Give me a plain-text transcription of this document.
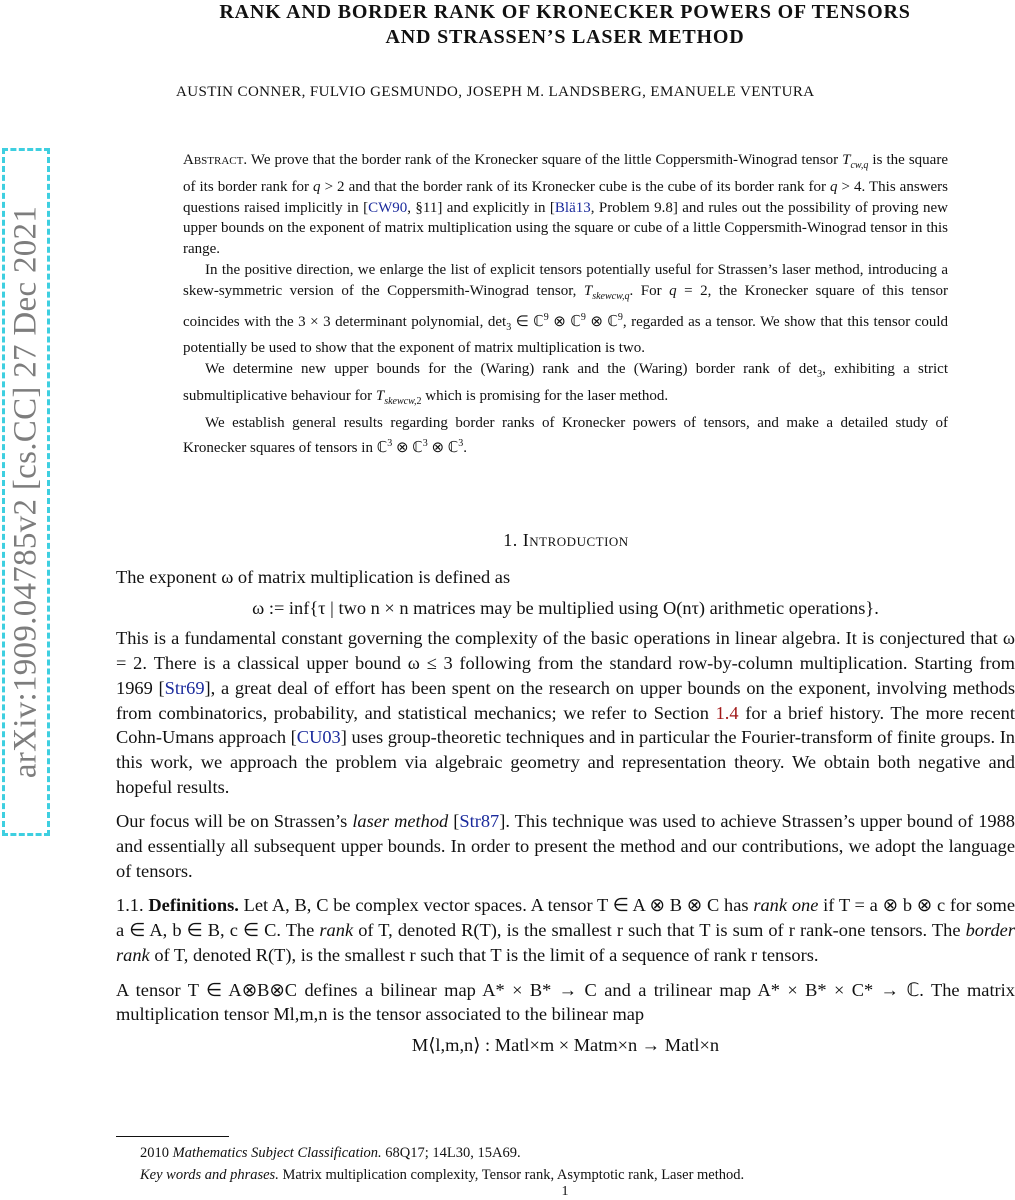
arXiv:1909.04785v2 [cs.CC] 27 Dec 2021
RANK AND BORDER RANK OF KRONECKER POWERS OF TENSORS
AND STRASSEN’S LASER METHOD
AUSTIN CONNER, FULVIO GESMUNDO, JOSEPH M. LANDSBERG, EMANUELE VENTURA

Abstract. We prove that the border rank of the Kronecker square of the little Coppersmith-Winograd tensor $T_{cw,q}$ is the square of its border rank for q > 2 and that the border rank of its Kronecker cube is the cube of its border rank for q > 4. This answers questions raised implicitly in [CW90, §11] and explicitly in [Blä13, Problem 9.8] and rules out the possibility of proving new upper bounds on the exponent of matrix multiplication using the square or cube of a little Coppersmith-Winograd tensor in this range.

In the positive direction, we enlarge the list of explicit tensors potentially useful for Strassen’s laser method, introducing a skew-symmetric version of the Coppersmith-Winograd tensor, $T_{skewcw,q}$. For q = 2, the Kronecker square of this tensor coincides with the 3 × 3 determinant polynomial, $\det_3$ ∈ ℂ$^9$ ⊗ ℂ$^9$ ⊗ ℂ$^9$, regarded as a tensor. We show that this tensor could potentially be used to show that the exponent of matrix multiplication is two.

We determine new upper bounds for the (Waring) rank and the (Waring) border rank of $\det_3$, exhibiting a strict submultiplicative behaviour for $T_{skewcw,2}$ which is promising for the laser method.

We establish general results regarding border ranks of Kronecker powers of tensors, and make a detailed study of Kronecker squares of tensors in ℂ$^3$ ⊗ ℂ$^3$ ⊗ ℂ$^3$.

1. Introduction

The exponent ω of matrix multiplication is defined as

ω := inf{τ | two n × n matrices may be multiplied using O(nτ) arithmetic operations}.

This is a fundamental constant governing the complexity of the basic operations in linear algebra. It is conjectured that ω = 2. There is a classical upper bound ω ≤ 3 following from the standard row-by-column multiplication. Starting from 1969 [Str69], a great deal of effort has been spent on the research on upper bounds on the exponent, involving methods from combinatorics, probability, and statistical mechanics; we refer to Section 1.4 for a brief history. The more recent Cohn-Umans approach [CU03] uses group-theoretic techniques and in particular the Fourier-transform of finite groups. In this work, we approach the problem via algebraic geometry and representation theory. We obtain both negative and hopeful results.

Our focus will be on Strassen’s laser method [Str87]. This technique was used to achieve Strassen’s upper bound of 1988 and essentially all subsequent upper bounds. In order to present the method and our contributions, we adopt the language of tensors.

1.1. Definitions. Let A, B, C be complex vector spaces. A tensor T ∈ A ⊗ B ⊗ C has rank one if T = a ⊗ b ⊗ c for some a ∈ A, b ∈ B, c ∈ C. The rank of T, denoted R(T), is the smallest r such that T is sum of r rank-one tensors. The border rank of T, denoted R(T), is the smallest r such that T is the limit of a sequence of rank r tensors.

A tensor T ∈ A⊗B⊗C defines a bilinear map A* × B* → C and a trilinear map A* × B* × C* → ℂ. The matrix multiplication tensor Ml,m,n is the tensor associated to the bilinear map

M⟨l,m,n⟩ : Matl×m × Matm×n → Matl×n
2010 Mathematics Subject Classification. 68Q17; 14L30, 15A69.
Key words and phrases. Matrix multiplication complexity, Tensor rank, Asymptotic rank, Laser method.
1
